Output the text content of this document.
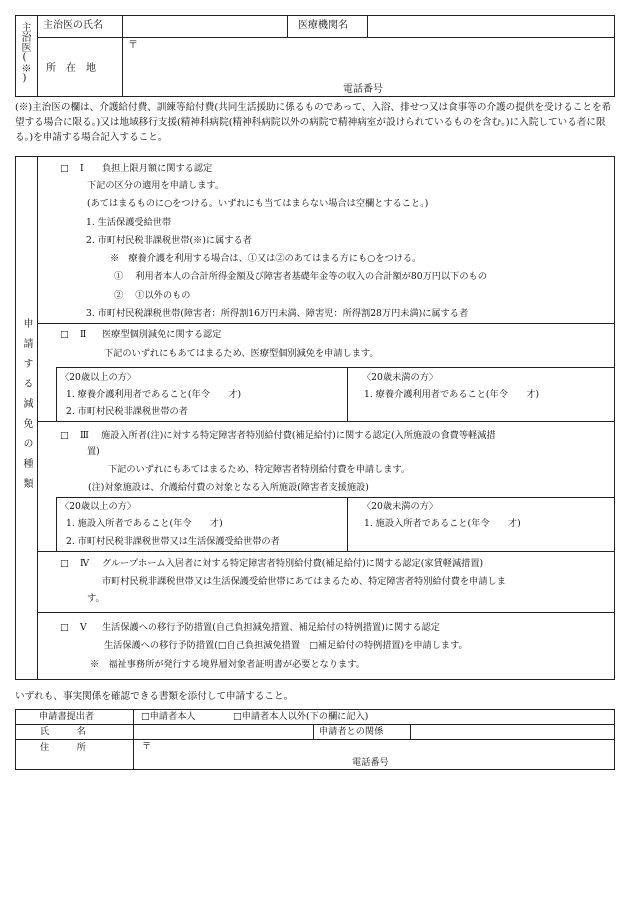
主治医(※) 主治医の氏名	医療機関名
〒
所　在　地
電話番号
(※)主治医の欄は、介護給付費、訓練等給付費(共同生活援助に係るものであって、入浴、排せつ又は食事等の介護の提供を受けることを希望する場合に限る。)又は地域移行支援(精神科病院(精神科病院以外の病院で精神病室が設けられているものを含む。)に入院している者に限る。)を申請する場合記入すること。
申請する減免の種類
□ Ⅰ 負担上限月額に関する認定
下記の区分の適用を申請します。
(あてはまるものに○をつける。いずれにも当てはまらない場合は空欄とすること。)
1. 生活保護受給世帯
2. 市町村民税非課税世帯(※)に属する者
※　療養介護を利用する場合は、①又は②のあてはまる方にも○をつける。
①　 利用者本人の合計所得金額及び障害者基礎年金等の収入の合計額が80万円以下のもの
②　 ①以外のもの
3. 市町村民税課税世帯(障害者：所得割16万円未満、障害児：所得割28万円未満)に属する者
□ Ⅱ 医療型個別減免に関する認定
下記のいずれにもあてはまるため、医療型個別減免を申請します。
〈20歳以上の方〉
1. 療養介護利用者であること(年令　　才)
2. 市町村民税非課税世帯の者
〈20歳未満の方〉
1. 療養介護利用者であること(年令　　才)
□ Ⅲ 施設入所者(注)に対する特定障害者特別給付費(補足給付)に関する認定(入所施設の食費等軽減措
置)
下記のいずれにもあてはまるため、特定障害者特別給付費を申請します。
(注)対象施設は、介護給付費の対象となる入所施設(障害者支援施設)
〈20歳以上の方〉
1. 施設入所者であること(年令　　才)
2. 市町村民税非課税世帯又は生活保護受給世帯の者
〈20歳未満の方〉
1. 施設入所者であること(年令　　才)
□ Ⅳ グループホーム入居者に対する特定障害者特別給付費(補足給付)に関する認定(家賃軽減措置)
市町村民税非課税世帯又は生活保護受給世帯にあてはまるため、特定障害者特別給付費を申請しま
す。
□ Ⅴ 生活保護への移行予防措置(自己負担減免措置、補足給付の特例措置)に関する認定
生活保護への移行予防措置(□自己負担減免措置　□補足給付の特例措置)を申請します。
※　福祉事務所が発行する境界層対象者証明書が必要となります。
いずれも、事実関係を確認できる書類を添付して申請すること。
申請書提出者	□申請者本人	□申請者本人以外(下の欄に記入)
氏　　　名	申請者との関係
〒
住　　　所
電話番号
